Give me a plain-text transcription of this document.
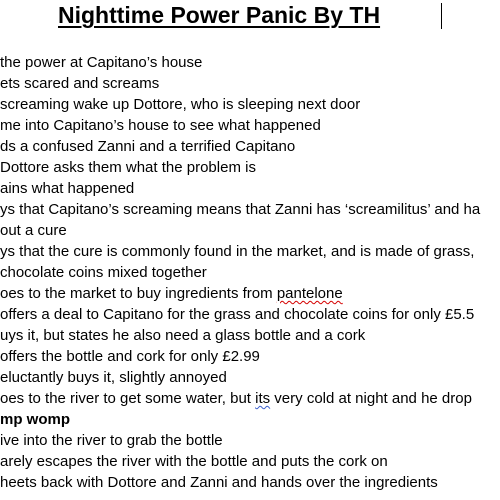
Nighttime Power Panic By TH
the power at Capitano’s house
ets scared and screams
screaming wake up Dottore, who is sleeping next door
me into Capitano’s house to see what happened
ds a confused Zanni and a terrified Capitano
Dottore asks them what the problem is
ains what happened
ys that Capitano’s screaming means that Zanni has ‘screamilitus’ and ha
out a cure
ys that the cure is commonly found in the market, and is made of grass,
chocolate coins mixed together
oes to the market to buy ingredients from pantelone
offers a deal to Capitano for the grass and chocolate coins for only £5.5
uys it, but states he also need a glass bottle and a cork
offers the bottle and cork for only £2.99
eluctantly buys it, slightly annoyed
oes to the river to get some water, but its very cold at night and he drop
mp womp
ive into the river to grab the bottle
arely escapes the river with the bottle and puts the cork on
heets back with Dottore and Zanni and hands over the ingredients
